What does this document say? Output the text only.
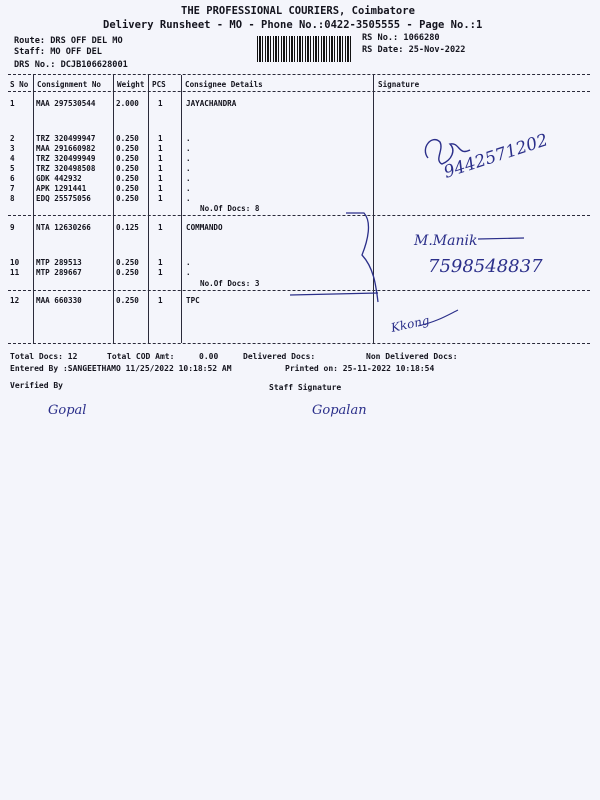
THE PROFESSIONAL COURIERS, Coimbatore
Delivery Runsheet - MO - Phone No.:0422-3505555 - Page No.:1
Route: DRS OFF DEL MO
Staff: MO OFF DEL
DRS No.: DCJB106628001
RS No.: 1066280
RS Date: 25-Nov-2022
S No Consignment No Weight PCS	Consignee Details	Signature
1	MAA 297530544	2.000	1	JAYACHANDRA
2	TRZ 320499947	0.250	1	.
3	MAA 291660982	0.250	1	.
4	TRZ 320499949	0.250	1	.
5	TRZ 320498508	0.250	1	.
6	GDK 442932	0.250	1	.
7	APK 1291441	0.250	1	.
8	EDQ 25575056	0.250	1	.
No.Of Docs: 8
9	NTA 12630266	0.125	1	COMMANDO
10 MTP 289513	0.250	1	.
11 MTP 289667	0.250	1	.
No.Of Docs: 3
12 MAA 660330	0.250	1	TPC
9442571202
M.Manik
7598548837
Kkong
Gopal	Gopalan
Total Docs: 12	Total COD Amt:	0.00	Delivered Docs:	Non Delivered Docs:
Entered By :SANGEETHAMO 11/25/2022 10:18:52 AM	Printed on: 25-11-2022 10:18:54
Verified By	Staff Signature
